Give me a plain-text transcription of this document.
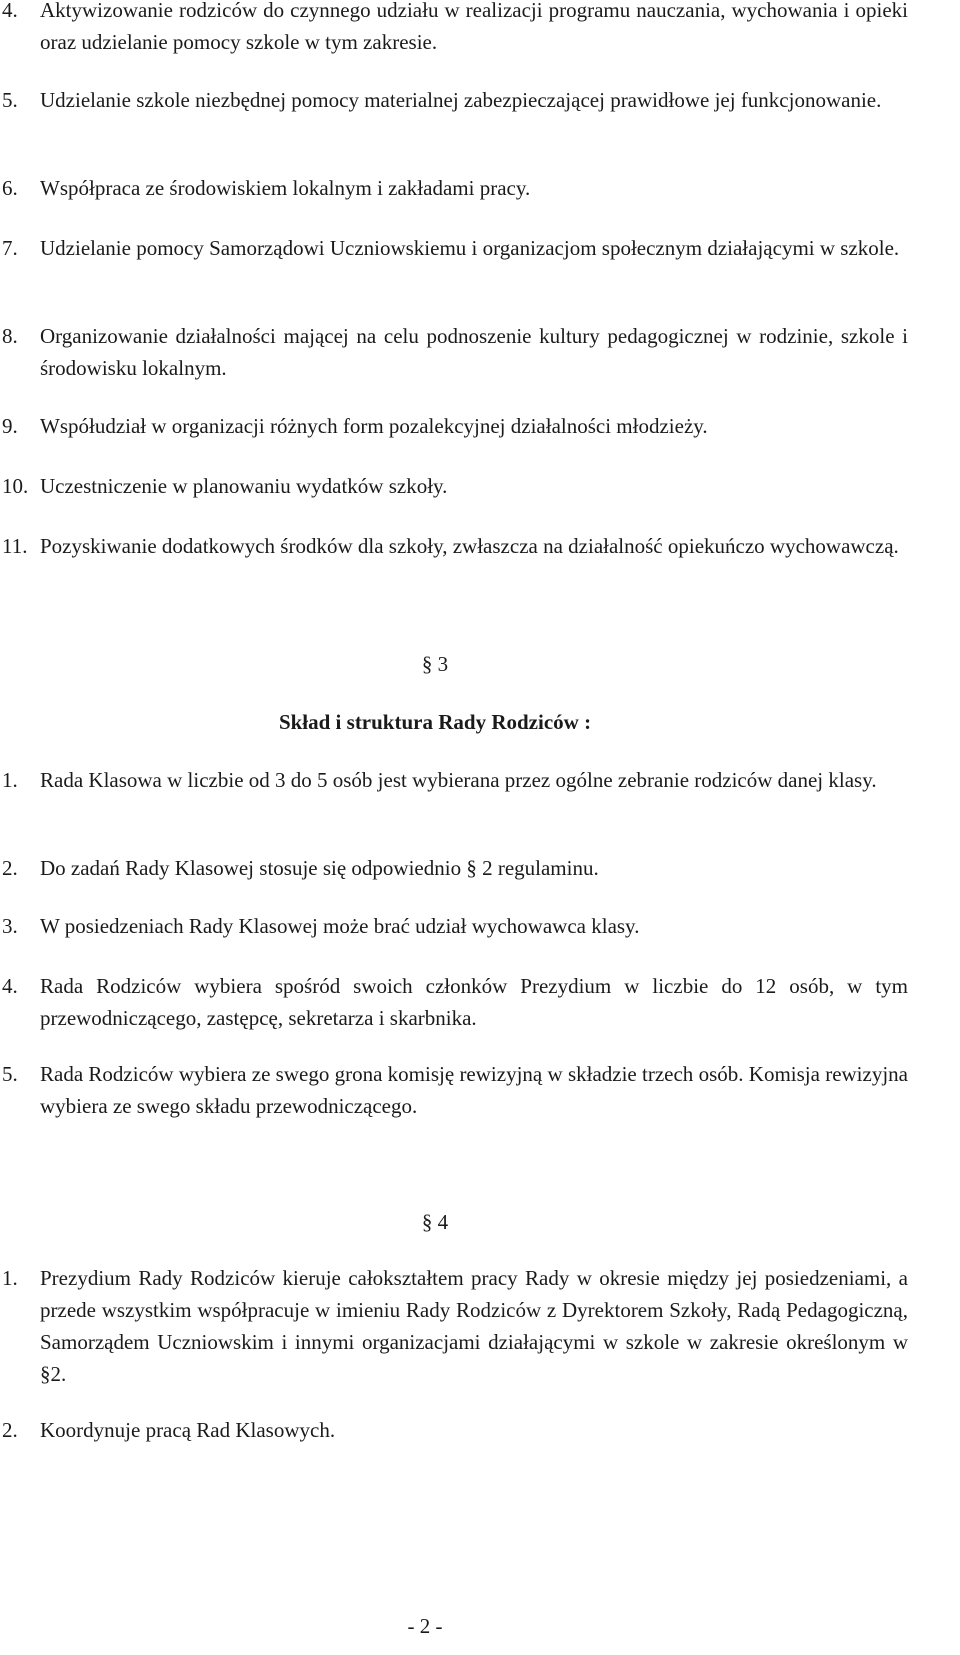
4. Aktywizowanie rodziców do czynnego udziału w realizacji programu nauczania, wychowania i opieki oraz udzielanie pomocy szkole w tym zakresie.
5. Udzielanie szkole niezbędnej pomocy materialnej zabezpieczającej prawidłowe jej funkcjonowanie.
6. Współpraca ze środowiskiem lokalnym i zakładami pracy.
7. Udzielanie pomocy Samorządowi Uczniowskiemu i organizacjom społecznym działającymi w szkole.
8. Organizowanie działalności mającej na celu podnoszenie kultury pedagogicznej w rodzinie, szkole i środowisku lokalnym.
9. Współudział w organizacji różnych form pozalekcyjnej działalności młodzieży.
10. Uczestniczenie w planowaniu wydatków szkoły.
11. Pozyskiwanie dodatkowych środków dla szkoły, zwłaszcza na działalność opiekuńczo wychowawczą.
§ 3
Skład i struktura Rady Rodziców :
1. Rada Klasowa w liczbie od 3 do 5 osób jest wybierana przez ogólne zebranie rodziców danej klasy.
2. Do zadań Rady Klasowej stosuje się odpowiednio § 2 regulaminu.
3. W posiedzeniach Rady Klasowej może brać udział wychowawca klasy.
4. Rada Rodziców wybiera spośród swoich członków Prezydium w liczbie do 12 osób, w tym przewodniczącego, zastępcę, sekretarza i skarbnika.
5. Rada Rodziców wybiera ze swego grona komisję rewizyjną w składzie trzech osób. Komisja rewizyjna wybiera ze swego składu przewodniczącego.
§ 4
1. Prezydium Rady Rodziców kieruje całokształtem pracy Rady w okresie między jej posiedzeniami, a przede wszystkim współpracuje w imieniu Rady Rodziców z Dyrektorem Szkoły, Radą Pedagogiczną, Samorządem Uczniowskim i innymi organizacjami działającymi w szkole w zakresie określonym w §2.
2. Koordynuje pracą Rad Klasowych.
- 2 -
